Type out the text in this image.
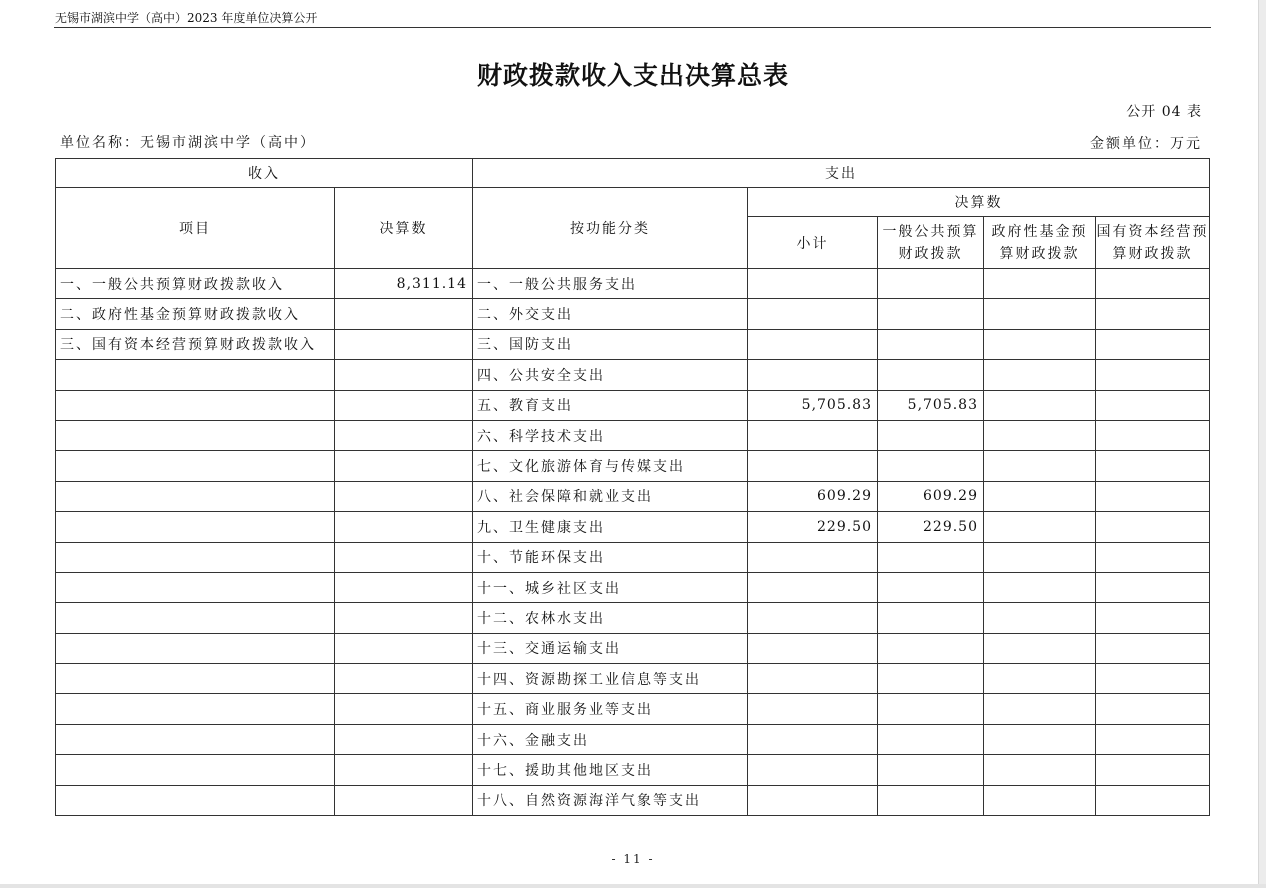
无锡市湖滨中学（高中）2023 年度单位决算公开
财政拨款收入支出决算总表
公开 04 表
单位名称：无锡市湖滨中学（高中）	金额单位：万元
收入		支出				
项目	决算数	按功能分类	决算数			
			小计	一般公共预算财政拨款	政府性基金预算财政拨款	国有资本经营预算财政拨款
一、一般公共预算财政拨款收入	8,311.14	一、一般公共服务支出				
二、政府性基金预算财政拨款收入		二、外交支出				
三、国有资本经营预算财政拨款收入		三、国防支出				
		四、公共安全支出				
		五、教育支出	5,705.83	5,705.83		
		六、科学技术支出				
		七、文化旅游体育与传媒支出				
		八、社会保障和就业支出	609.29	609.29		
		九、卫生健康支出	229.50	229.50		
		十、节能环保支出				
		十一、城乡社区支出				
		十二、农林水支出				
		十三、交通运输支出				
		十四、资源勘探工业信息等支出				
		十五、商业服务业等支出				
		十六、金融支出				
		十七、援助其他地区支出				
		十八、自然资源海洋气象等支出				
- 11 -
